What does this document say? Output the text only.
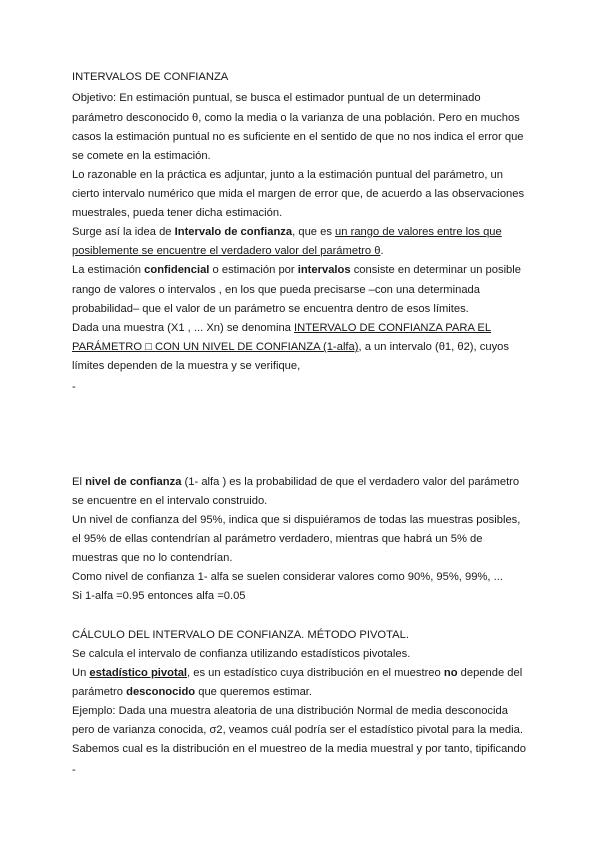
INTERVALOS DE CONFIANZA
Objetivo: En estimación puntual, se busca el estimador puntual de un determinado
parámetro desconocido θ, como la media o la varianza de una población. Pero en muchos
casos la estimación puntual no es suficiente en el sentido de que no nos indica el error que
se comete en la estimación.
Lo razonable en la práctica es adjuntar, junto a la estimación puntual del parámetro, un
cierto intervalo numérico que mida el margen de error que, de acuerdo a las observaciones
muestrales, pueda tener dicha estimación.
Surge así la idea de Intervalo de confianza, que es un rango de valores entre los que
posiblemente se encuentre el verdadero valor del parámetro θ.
La estimación confidencial o estimación por intervalos consiste en determinar un posible
rango de valores o intervalos , en los que pueda precisarse –con una determinada
probabilidad– que el valor de un parámetro se encuentra dentro de esos límites.
Dada una muestra (X1 , ... Xn) se denomina INTERVALO DE CONFIANZA PARA EL
PARÁMETRO □ CON UN NIVEL DE CONFIANZA (1-alfa), a un intervalo (θ1, θ2), cuyos
límites dependen de la muestra y se verifique,
-
El nivel de confianza (1- alfa ) es la probabilidad de que el verdadero valor del parámetro
se encuentre en el intervalo construido.
Un nivel de confianza del 95%, indica que si dispuiéramos de todas las muestras posibles,
el 95% de ellas contendrían al parámetro verdadero, mientras que habrá un 5% de
muestras que no lo contendrían.
Como nivel de confianza 1- alfa se suelen considerar valores como 90%, 95%, 99%, ...
Si 1-alfa =0.95 entonces alfa =0.05
CÁLCULO DEL INTERVALO DE CONFIANZA. MÉTODO PIVOTAL.
Se calcula el intervalo de confianza utilizando estadísticos pivotales.
Un estadístico pivotal, es un estadístico cuya distribución en el muestreo no depende del
parámetro desconocido que queremos estimar.
Ejemplo: Dada una muestra aleatoria de una distribución Normal de media desconocida
pero de varianza conocida, σ2, veamos cuál podría ser el estadístico pivotal para la media.
Sabemos cual es la distribución en el muestreo de la media muestral y por tanto, tipificando
-
